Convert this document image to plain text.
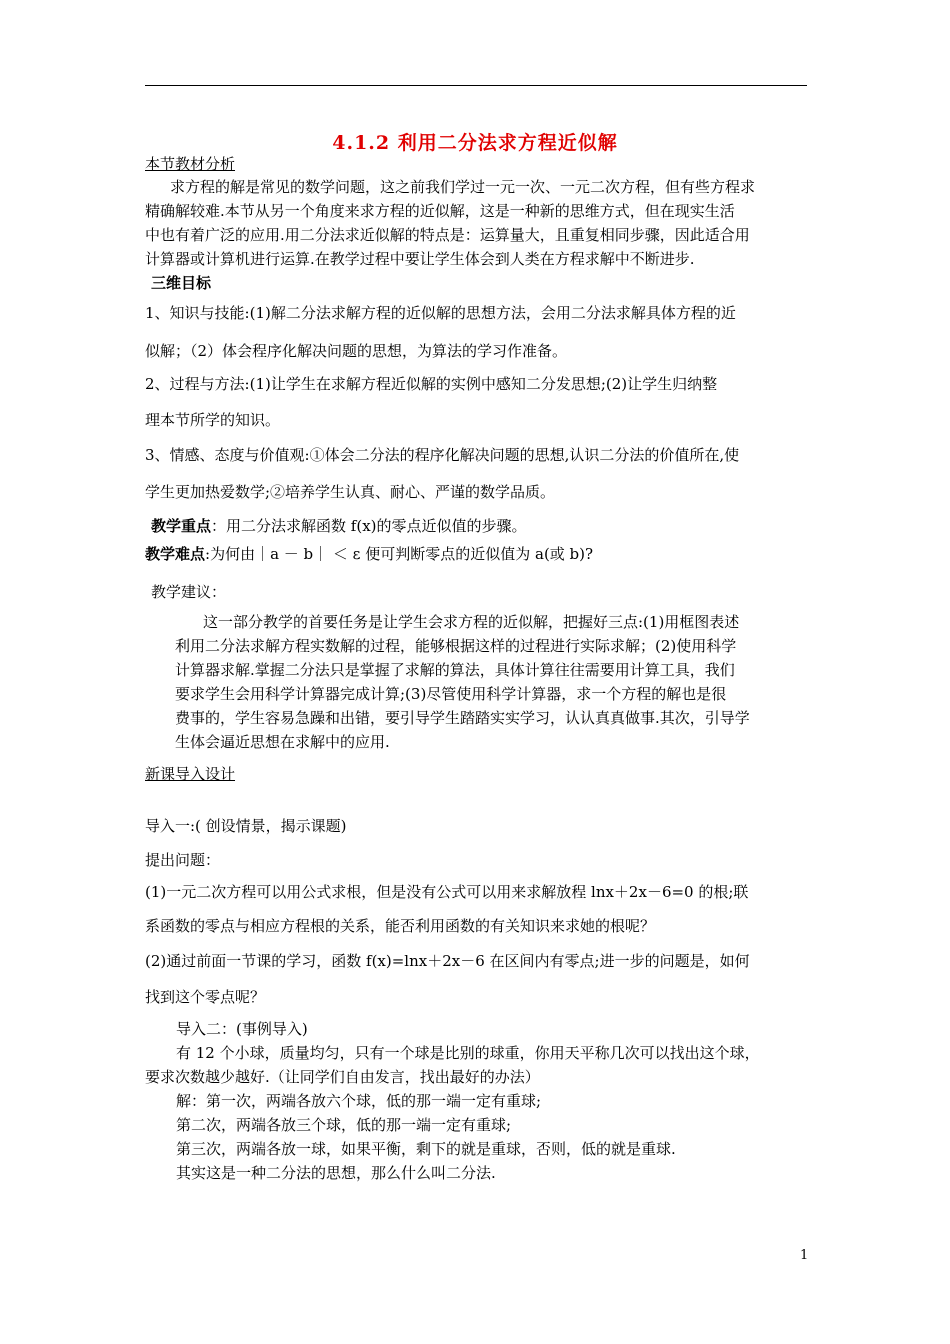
4.1.2 利用二分法求方程近似解
本节教材分析
求方程的解是常见的数学问题，这之前我们学过一元一次、一元二次方程，但有些方程求
精确解较难.本节从另一个角度来求方程的近似解，这是一种新的思维方式，但在现实生活
中也有着广泛的应用.用二分法求近似解的特点是：运算量大，且重复相同步骤，因此适合用
计算器或计算机进行运算.在教学过程中要让学生体会到人类在方程求解中不断进步.
三维目标
1、知识与技能:(1)解二分法求解方程的近似解的思想方法，会用二分法求解具体方程的近
似解；（2）体会程序化解决问题的思想，为算法的学习作准备。
2、过程与方法:(1)让学生在求解方程近似解的实例中感知二分发思想;(2)让学生归纳整
理本节所学的知识。
3、情感、态度与价值观:①体会二分法的程序化解决问题的思想,认识二分法的价值所在,使
学生更加热爱数学;②培养学生认真、耐心、严谨的数学品质。
教学重点：用二分法求解函数 f(x)的零点近似值的步骤。
教学难点:为何由｜a － b｜ ＜ ε 便可判断零点的近似值为 a(或 b)?
教学建议：
这一部分教学的首要任务是让学生会求方程的近似解，把握好三点:(1)用框图表述
利用二分法求解方程实数解的过程，能够根据这样的过程进行实际求解；(2)使用科学
计算器求解.掌握二分法只是掌握了求解的算法，具体计算往往需要用计算工具，我们
要求学生会用科学计算器完成计算;(3)尽管使用科学计算器，求一个方程的解也是很
费事的，学生容易急躁和出错，要引导学生踏踏实实学习，认认真真做事.其次，引导学
生体会逼近思想在求解中的应用.
新课导入设计
导入一:( 创设情景，揭示课题)
提出问题：
(1)一元二次方程可以用公式求根，但是没有公式可以用来求解放程 lnx＋2x－6=0 的根;联
系函数的零点与相应方程根的关系，能否利用函数的有关知识来求她的根呢？
(2)通过前面一节课的学习，函数 f(x)=lnx＋2x－6 在区间内有零点;进一步的问题是，如何
找到这个零点呢？
导入二：(事例导入)
有 12 个小球，质量均匀，只有一个球是比别的球重，你用天平称几次可以找出这个球，
要求次数越少越好.（让同学们自由发言，找出最好的办法）
解：第一次，两端各放六个球，低的那一端一定有重球;
第二次，两端各放三个球，低的那一端一定有重球;
第三次，两端各放一球，如果平衡，剩下的就是重球，否则，低的就是重球.
其实这是一种二分法的思想，那么什么叫二分法.
1
